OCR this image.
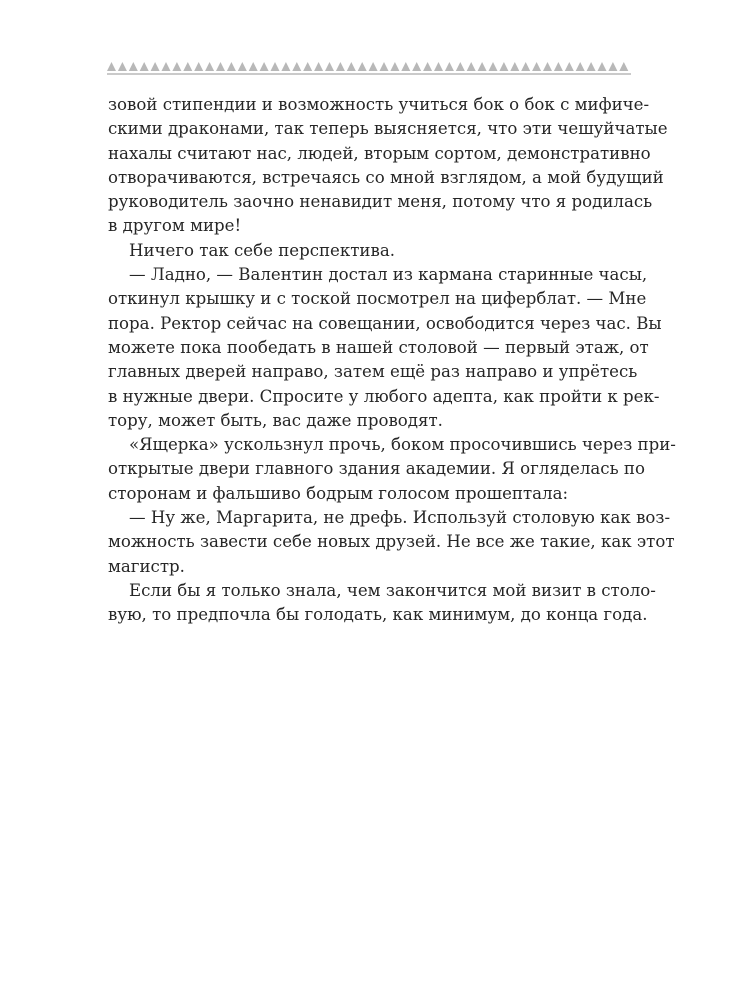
зовой стипендии и возможность учиться бок о бок с мифиче-
скими драконами, так теперь выясняется, что эти чешуйчатые
нахалы считают нас, людей, вторым сортом, демонстративно
отворачиваются, встречаясь со мной взглядом, а мой будущий
руководитель заочно ненавидит меня, потому что я родилась
в другом мире!
Ничего так себе перспектива.
— Ладно, — Валентин достал из кармана старинные часы,
откинул крышку и с тоской посмотрел на циферблат. — Мне
пора. Ректор сейчас на совещании, освободится через час. Вы
можете пока пообедать в нашей столовой — первый этаж, от
главных дверей направо, затем ещё раз направо и упрётесь
в нужные двери. Спросите у любого адепта, как пройти к рек-
тору, может быть, вас даже проводят.
«Ящерка» ускользнул прочь, боком просочившись через при-
открытые двери главного здания академии. Я огляделась по
сторонам и фальшиво бодрым голосом прошептала:
— Ну же, Маргарита, не дрефь. Используй столовую как воз-
можность завести себе новых друзей. Не все же такие, как этот
магистр.
Если бы я только знала, чем закончится мой визит в столо-
вую, то предпочла бы голодать, как минимум, до конца года.
